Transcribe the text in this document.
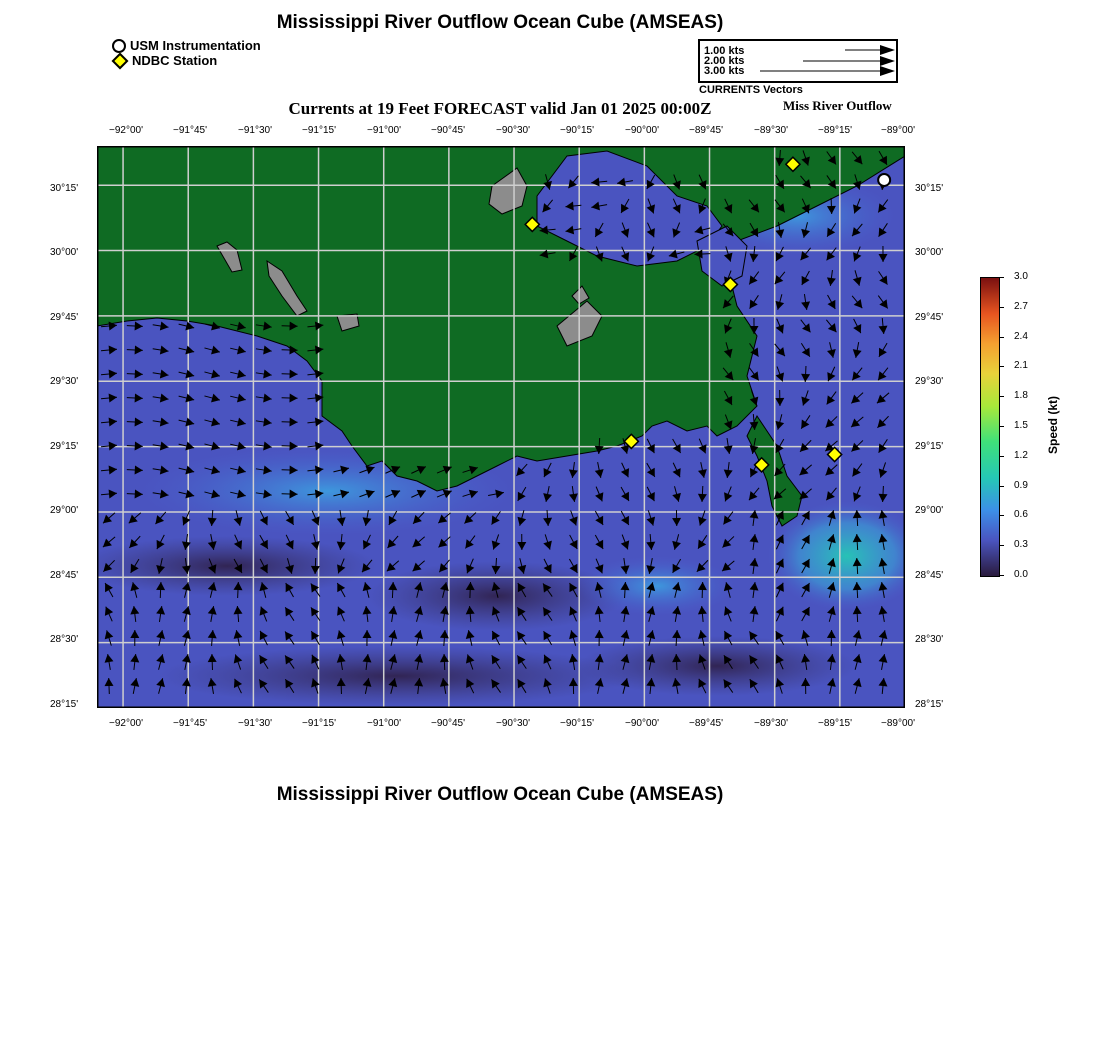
Mississippi River Outflow Ocean Cube (AMSEAS)
USM Instrumentation
NDBC Station
1.00 kts
2.00 kts
3.00 kts
CURRENTS Vectors
Currents at 19 Feet FORECAST valid Jan 01 2025 00:00Z	Miss River Outflow
−92°00'	−91°45'	−91°30'	−91°15'	−91°00'	−90°45'	−90°30'	−90°15'	−90°00'	−89°45'	−89°30'	−89°15'	−89°00'
−92°00'	−91°45'	−91°30'	−91°15'	−91°00'	−90°45'	−90°30'	−90°15'	−90°00'	−89°45'	−89°30'	−89°15'	−89°00'
30°15'
30°00'
29°45'
29°30'
29°15'
29°00'
28°45'
28°30'
28°15'
30°15'
30°00'
29°45'
29°30'
29°15'
29°00'
28°45'
28°30'
28°15'
3.0
2.7
2.4
2.1
1.8
1.5
1.2
0.9
0.6
0.3
0.0
Speed (kt)
Mississippi River Outflow Ocean Cube (AMSEAS)
